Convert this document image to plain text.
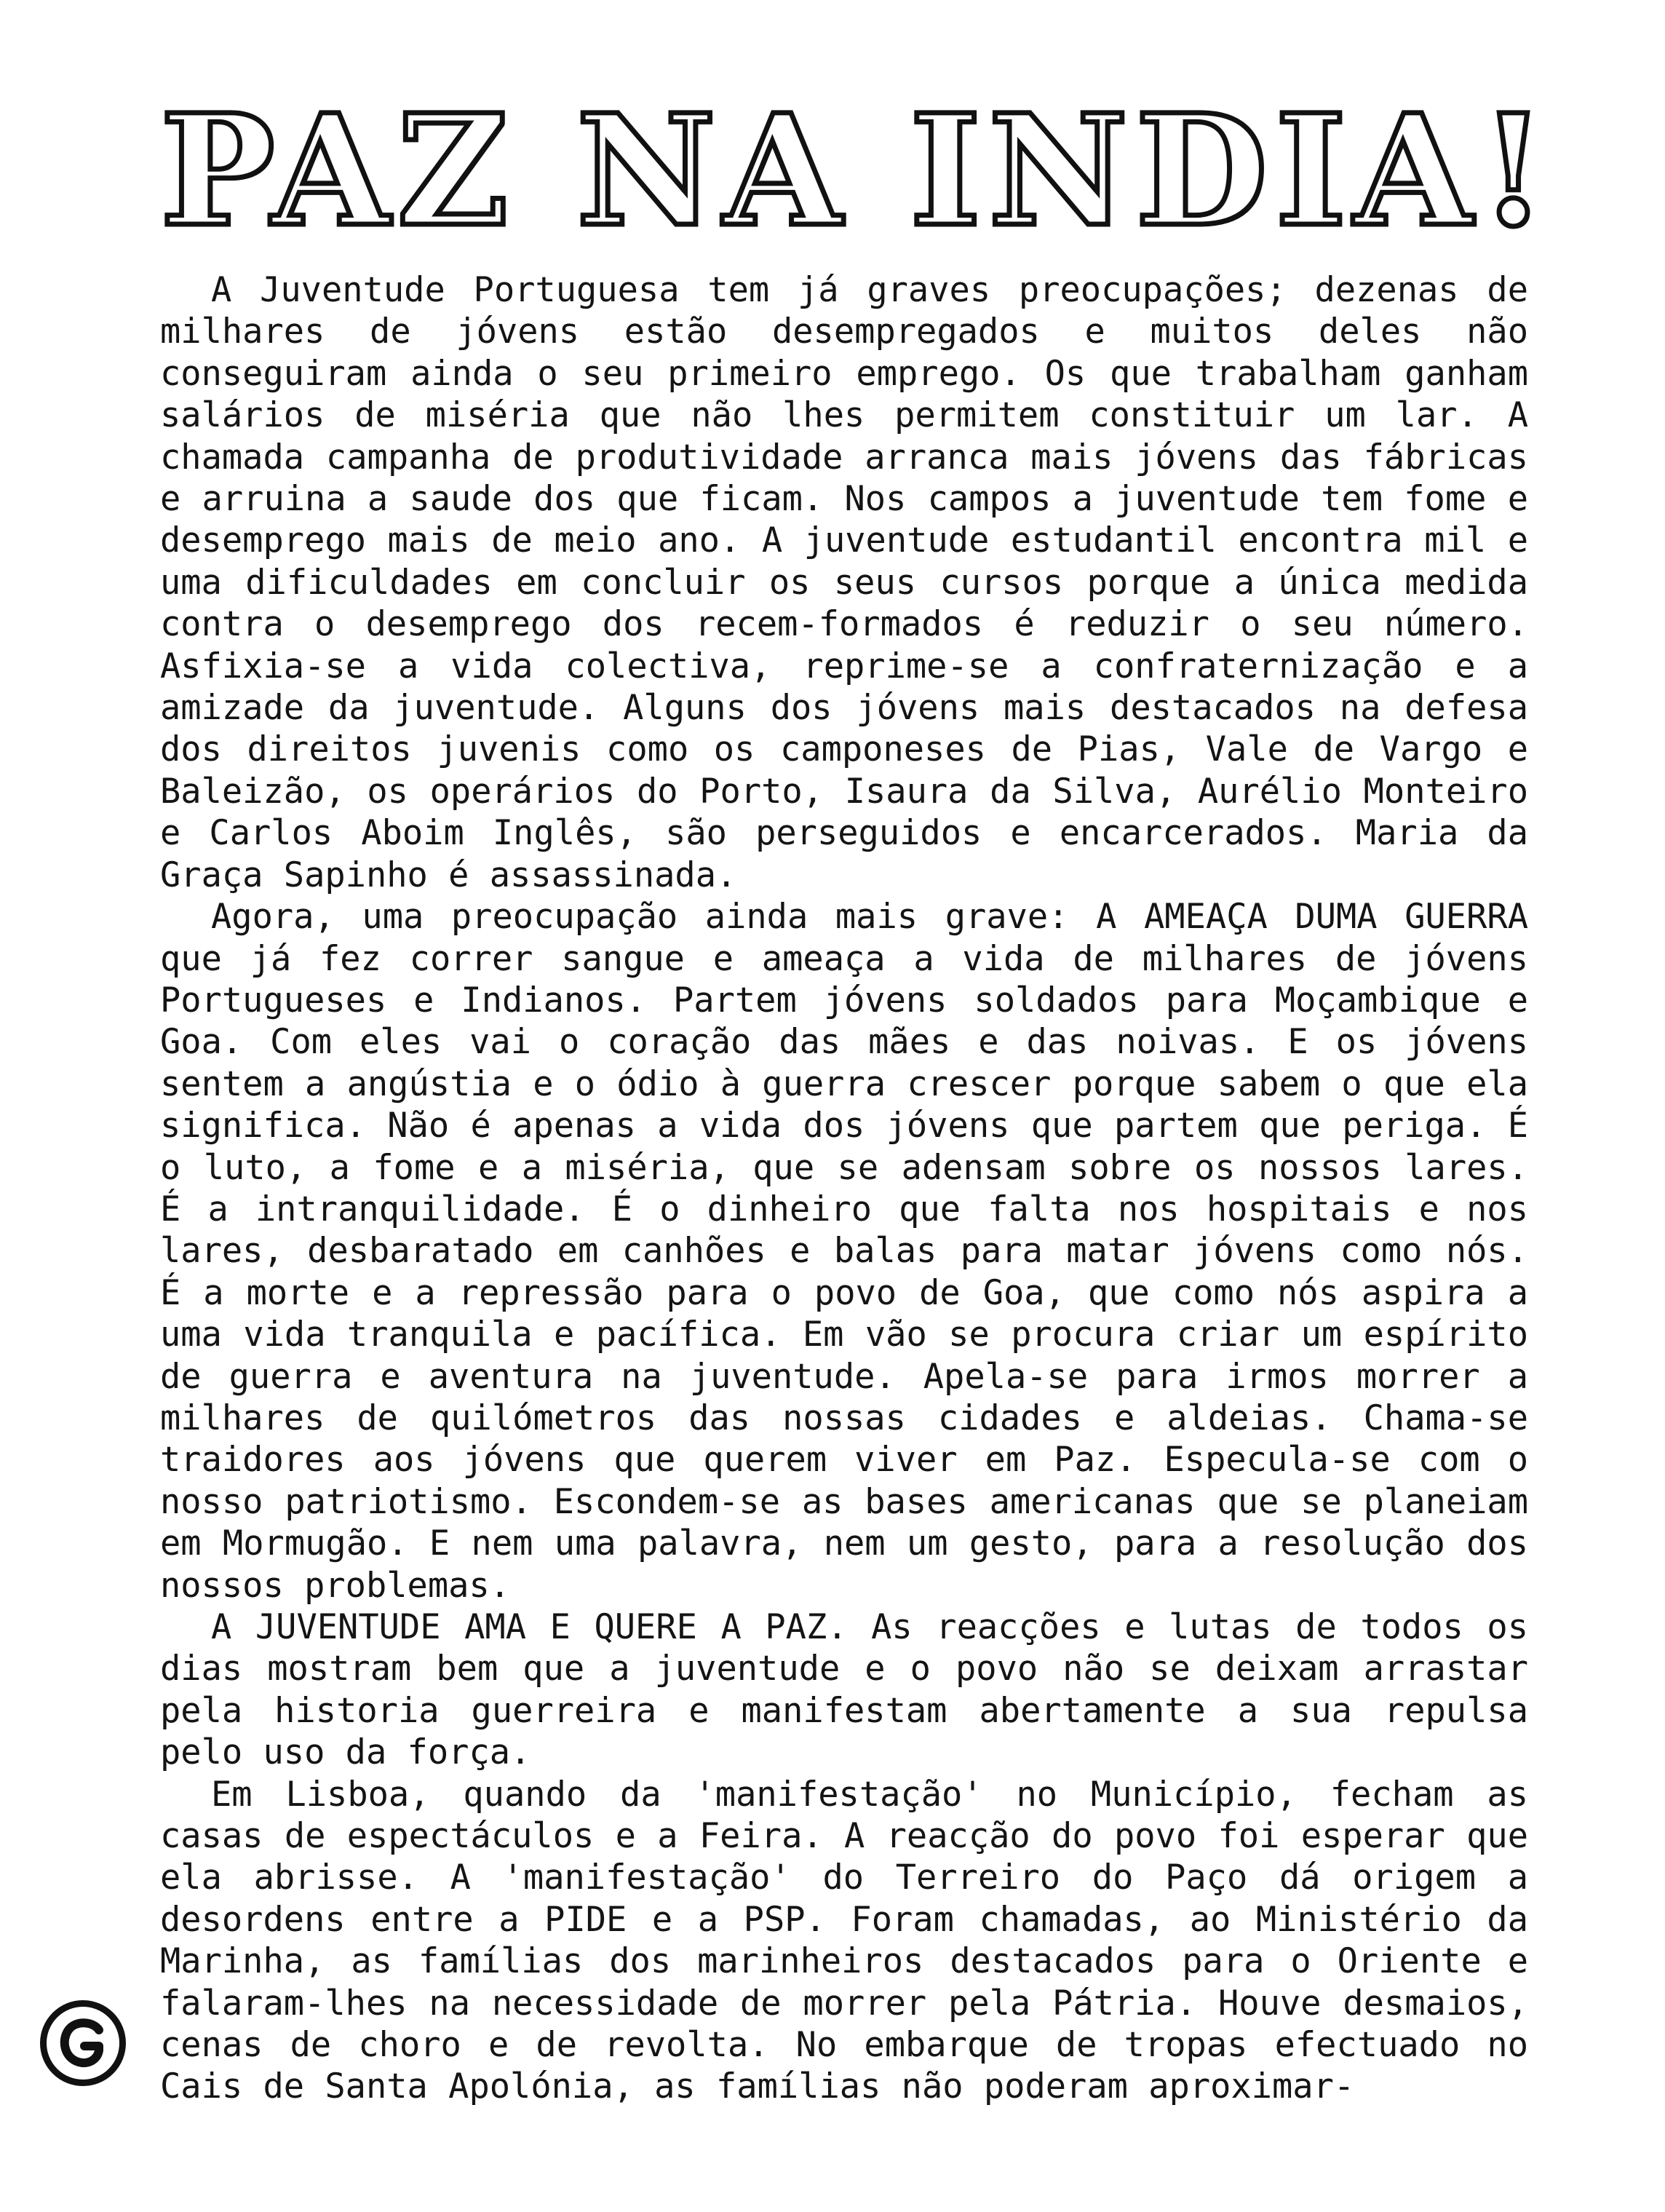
PAZ NA INDIA!

A Juventude Portuguesa tem já graves preocupações; dezenas de milhares de jóvens estão desempregados e muitos deles não conseguiram ainda o seu primeiro emprego. Os que trabalham ganham salários de miséria que não lhes permitem constituir um lar. A chamada campanha de produtividade arranca mais jóvens das fábricas e arruina a saude dos que ficam. Nos campos a juventude tem fome e desemprego mais de meio ano. A juventude estudantil encontra mil e uma dificuldades em concluir os seus cursos porque a única medida contra o desemprego dos recem-formados é reduzir o seu número. Asfixia-se a vida colectiva, reprime-se a confraternização e a amizade da juventude. Alguns dos jóvens mais destacados na defesa dos direitos juvenis como os camponeses de Pias, Vale de Vargo e Baleizão, os operários do Porto, Isaura da Silva, Aurélio Monteiro e Carlos Aboim Inglês, são perseguidos e encarcerados. Maria da Graça Sapinho é assassinada.

Agora, uma preocupação ainda mais grave: A AMEAÇA DUMA GUERRA que já fez correr sangue e ameaça a vida de milhares de jóvens Portugueses e Indianos. Partem jóvens soldados para Moçambique e Goa. Com eles vai o coração das mães e das noivas. E os jóvens sentem a angústia e o ódio à guerra crescer porque sabem o que ela significa. Não é apenas a vida dos jóvens que partem que periga. É o luto, a fome e a miséria, que se adensam sobre os nossos lares. É a intranquilidade. É o dinheiro que falta nos hospitais e nos lares, desbaratado em canhões e balas para matar jóvens como nós. É a morte e a repressão para o povo de Goa, que como nós aspira a uma vida tranquila e pacífica. Em vão se procura criar um espírito de guerra e aventura na juventude. Apela-se para irmos morrer a milhares de quilómetros das nossas cidades e aldeias. Chama-se traidores aos jóvens que querem viver em Paz. Especula-se com o nosso patriotismo. Escondem-se as bases americanas que se planeiam em Mormugão. E nem uma palavra, nem um gesto, para a resolução dos nossos problemas.

A JUVENTUDE AMA E QUERE A PAZ. As reacções e lutas de todos os dias mostram bem que a juventude e o povo não se deixam arrastar pela historia guerreira e manifestam abertamente a sua repulsa pelo uso da força.

Em Lisboa, quando da 'manifestação' no Município, fecham as casas de espectáculos e a Feira. A reacção do povo foi esperar que ela abrisse. A 'manifestação' do Terreiro do Paço dá origem a desordens entre a PIDE e a PSP. Foram chamadas, ao Ministério da Marinha, as famílias dos marinheiros destacados para o Oriente e falaram-lhes na necessidade de morrer pela Pátria. Houve desmaios, cenas de choro e de revolta. No embarque de tropas efectuado no Cais de Santa Apolónia, as famílias não poderam aproximar-
